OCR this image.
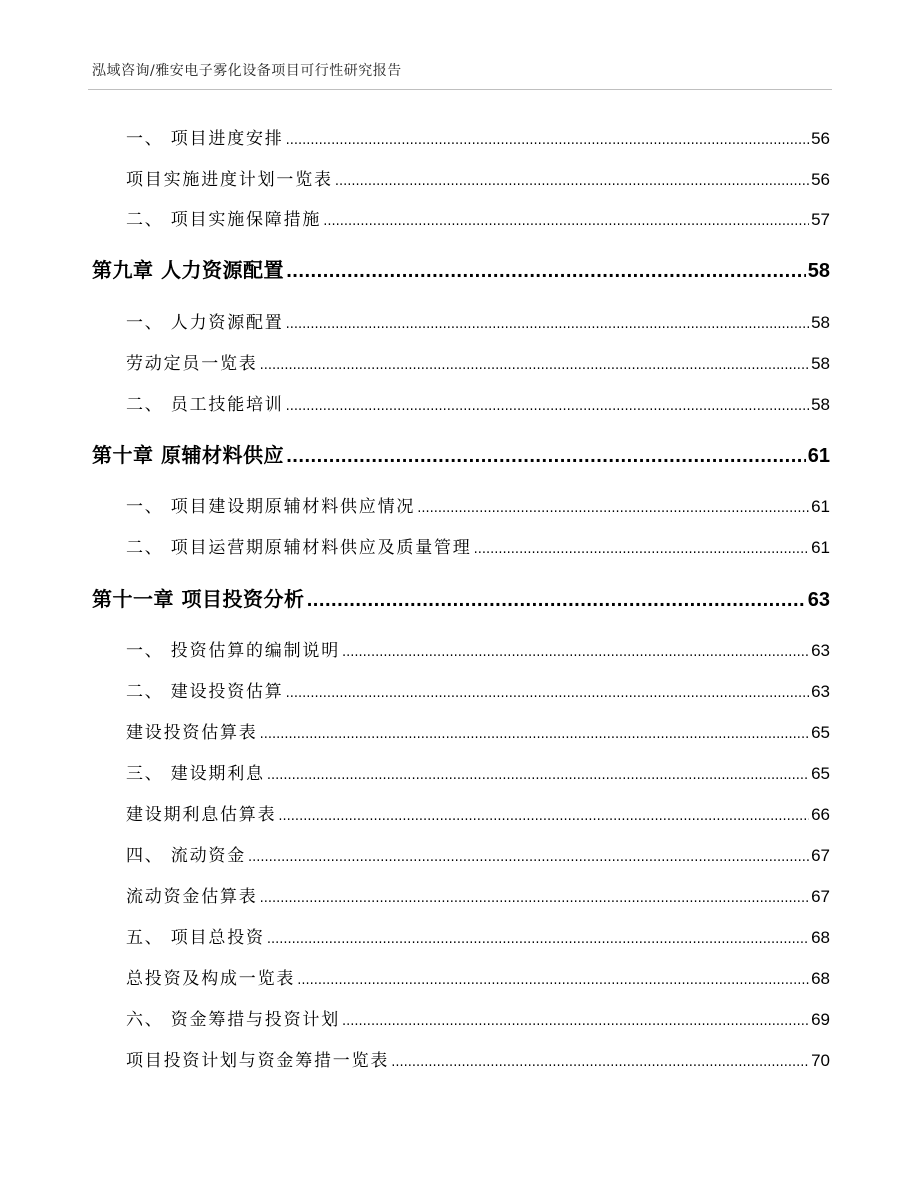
泓域咨询/雅安电子雾化设备项目可行性研究报告
一、 项目进度安排 .....	56
项目实施进度计划一览表 .....	56
二、 项目实施保障措施 .....	57
第九章 人力资源配置 .....	58
一、 人力资源配置 .....	58
劳动定员一览表 .....	58
二、 员工技能培训 .....	58
第十章 原辅材料供应 .....	61
一、 项目建设期原辅材料供应情况 .....	61
二、 项目运营期原辅材料供应及质量管理 .....	61
第十一章 项目投资分析 .....	63
一、 投资估算的编制说明 .....	63
二、 建设投资估算 .....	63
建设投资估算表 .....	65
三、 建设期利息 .....	65
建设期利息估算表 .....	66
四、 流动资金 .....	67
流动资金估算表 .....	67
五、 项目总投资 .....	68
总投资及构成一览表 .....	68
六、 资金筹措与投资计划 .....	69
项目投资计划与资金筹措一览表 .....	70
